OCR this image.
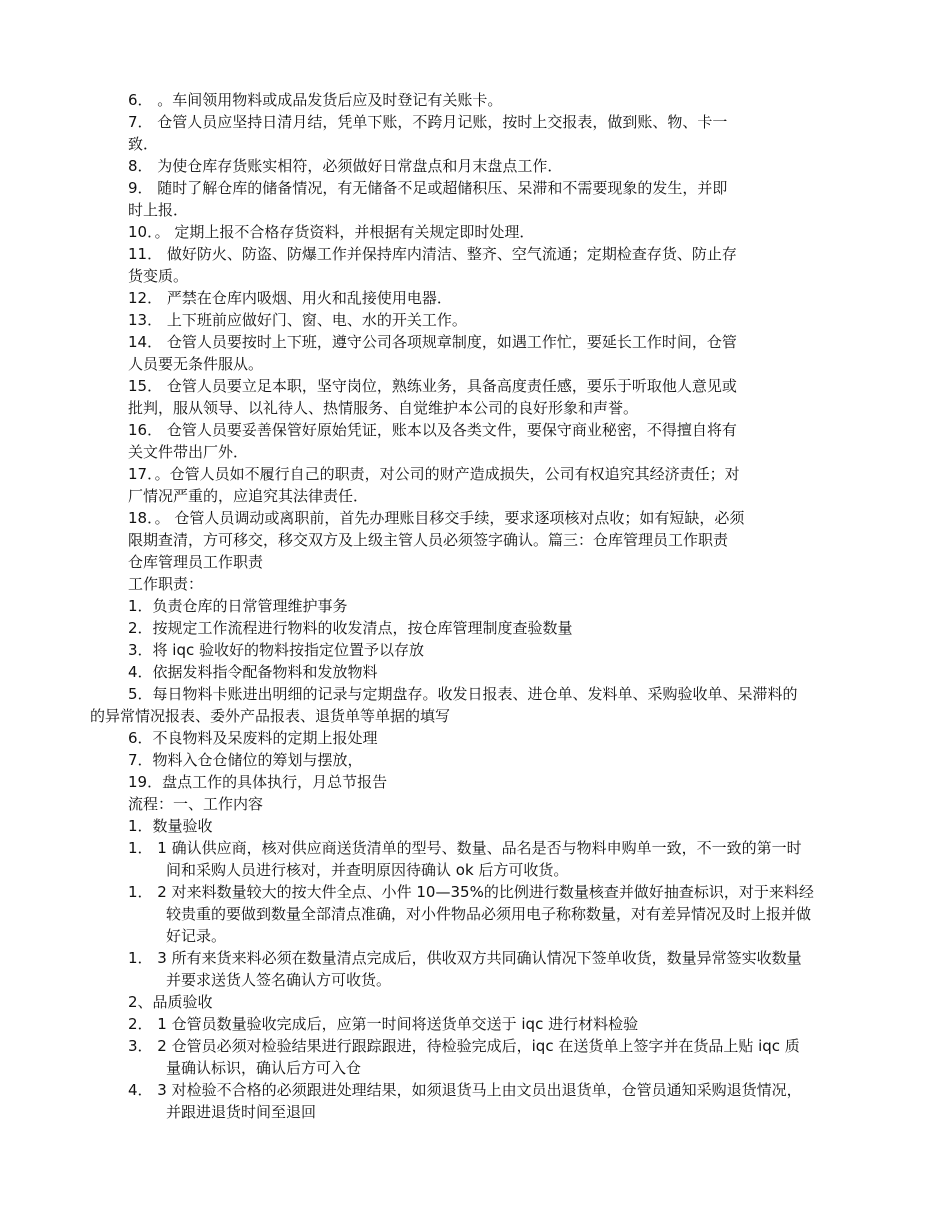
6． 。车间领用物料或成品发货后应及时登记有关账卡。
7． 仓管人员应坚持日清月结，凭单下账，不跨月记账，按时上交报表，做到账、物、卡一
致．
8． 为使仓库存货账实相符，必须做好日常盘点和月末盘点工作．
9． 随时了解仓库的储备情况，有无储备不足或超储积压、呆滞和不需要现象的发生，并即
时上报．
10．。 定期上报不合格存货资料，并根据有关规定即时处理．
11． 做好防火、防盗、防爆工作并保持库内清洁、整齐、空气流通；定期检查存货、防止存
货变质。
12． 严禁在仓库内吸烟、用火和乱接使用电器．
13． 上下班前应做好门、窗、电、水的开关工作。
14． 仓管人员要按时上下班，遵守公司各项规章制度，如遇工作忙，要延长工作时间，仓管
人员要无条件服从。
15． 仓管人员要立足本职，坚守岗位，熟练业务，具备高度责任感，要乐于听取他人意见或
批判，服从领导、以礼待人、热情服务、自觉维护本公司的良好形象和声誉。
16． 仓管人员要妥善保管好原始凭证，账本以及各类文件，要保守商业秘密，不得擅自将有
关文件带出厂外．
17．。仓管人员如不履行自己的职责，对公司的财产造成损失，公司有权追究其经济责任；对
厂情况严重的，应追究其法律责任．
18．。 仓管人员调动或离职前，首先办理账目移交手续，要求逐项核对点收；如有短缺，必须
限期查清，方可移交，移交双方及上级主管人员必须签字确认。篇三：仓库管理员工作职责
仓库管理员工作职责
工作职责：
1．负责仓库的日常管理维护事务
2．按规定工作流程进行物料的收发清点，按仓库管理制度查验数量
3．将 iqc 验收好的物料按指定位置予以存放
4．依据发料指令配备物料和发放物料
5．每日物料卡账进出明细的记录与定期盘存。收发日报表、进仓单、发料单、采购验收单、呆滞料的
的异常情况报表、委外产品报表、退货单等单据的填写
6．不良物料及呆废料的定期上报处理
7．物料入仓仓储位的筹划与摆放，
19．盘点工作的具体执行，月总节报告
流程：一、工作内容
1．数量验收
1． 1 确认供应商，核对供应商送货清单的型号、数量、品名是否与物料申购单一致，不一致的第一时
间和采购人员进行核对，并查明原因待确认 ok 后方可收货。
1． 2 对来料数量较大的按大件全点、小件 10—35%的比例进行数量核查并做好抽查标识，对于来料经
较贵重的要做到数量全部清点准确，对小件物品必须用电子称称数量，对有差异情况及时上报并做
好记录。
1． 3 所有来货来料必须在数量清点完成后，供收双方共同确认情况下签单收货，数量异常签实收数量
并要求送货人签名确认方可收货。
2、品质验收
2． 1 仓管员数量验收完成后，应第一时间将送货单交送于 iqc 进行材料检验
3． 2 仓管员必须对检验结果进行跟踪跟进，待检验完成后，iqc 在送货单上签字并在货品上贴 iqc 质
量确认标识，确认后方可入仓
4． 3 对检验不合格的必须跟进处理结果，如须退货马上由文员出退货单，仓管员通知采购退货情况，
并跟进退货时间至退回
